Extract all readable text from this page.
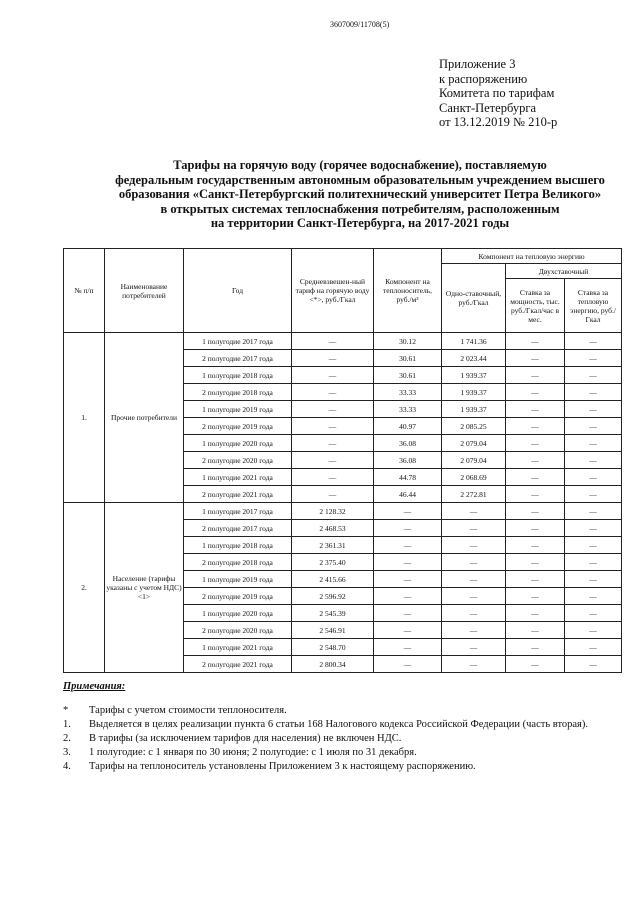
3607009/11708(5)
Приложение 3
к распоряжению
Комитета по тарифам
Санкт-Петербурга
от 13.12.2019 № 210-р
Тарифы на горячую воду (горячее водоснабжение), поставляемую
федеральным государственным автономным образовательным учреждением высшего
образования «Санкт-Петербургский политехнический университет Петра Великого»
в открытых системах теплоснабжения потребителям, расположенным
на территории Санкт-Петербурга, на 2017-2021 годы
№ п/п	Наименование потребителей	Год	Средневзвешен-ный тариф на горячую воду <*>, руб./Гкал	Компонент на теплоноситель, руб./м³	Компонент на тепловую энергию		
					Одно-ставочный, руб./Гкал	Двухставочный	
						Ставка за мощность, тыс. руб./Гкал/час в мес.	Ставка за тепловую энергию, руб./Гкал
1.	Прочие потребители	1 полугодие 2017 года	—	30.12	1 741.36	—	—
		2 полугодие 2017 года	—	30.61	2 023.44	—	—
		1 полугодие 2018 года	—	30.61	1 939.37	—	—
		2 полугодие 2018 года	—	33.33	1 939.37	—	—
		1 полугодие 2019 года	—	33.33	1 939.37	—	—
		2 полугодие 2019 года	—	40.97	2 085.25	—	—
		1 полугодие 2020 года	—	36.08	2 079.04	—	—
		2 полугодие 2020 года	—	36.08	2 079.04	—	—
		1 полугодие 2021 года	—	44.78	2 068.69	—	—
		2 полугодие 2021 года	—	46.44	2 272.81	—	—
2.	Население (тарифы указаны с учетом НДС) <1>	1 полугодие 2017 года	2 128.32	—	—	—	—
		2 полугодие 2017 года	2 468.53	—	—	—	—
		1 полугодие 2018 года	2 361.31	—	—	—	—
		2 полугодие 2018 года	2 375.40	—	—	—	—
		1 полугодие 2019 года	2 415.66	—	—	—	—
		2 полугодие 2019 года	2 596.92	—	—	—	—
		1 полугодие 2020 года	2 545.39	—	—	—	—
		2 полугодие 2020 года	2 546.91	—	—	—	—
		1 полугодие 2021 года	2 548.70	—	—	—	—
		2 полугодие 2021 года	2 800.34	—	—	—	—
Примечания:
* Тарифы с учетом стоимости теплоносителя.
1. Выделяется в целях реализации пункта 6 статьи 168 Налогового кодекса Российской Федерации (часть вторая).
2. В тарифы (за исключением тарифов для населения) не включен НДС.
3. 1 полугодие: с 1 января по 30 июня; 2 полугодие: с 1 июля по 31 декабря.
4. Тарифы на теплоноситель установлены Приложением 3 к настоящему распоряжению.
